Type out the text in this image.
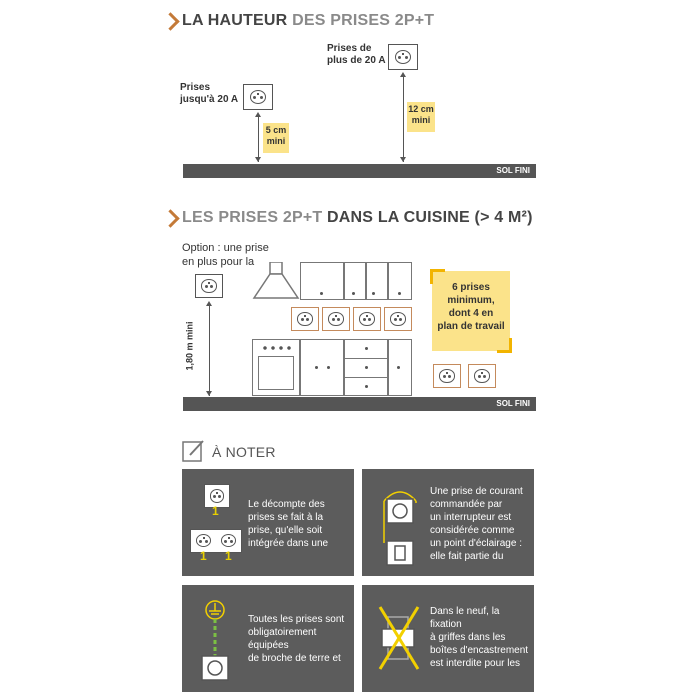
LA HAUTEUR DES PRISES 2P+T
Prises
jusqu'à 20 A
5 cm
mini
Prises de
plus de 20 A
12 cm
mini
SOL FINI
LES PRISES 2P+T DANS LA CUISINE (> 4 M²)
Option : une prise
en plus pour la
1,80 m mini
6 prises
minimum,
dont 4 en
plan de travail
SOL FINI
À NOTER
1
1 1
Le décompte des
prises se fait à la
prise, qu'elle soit
intégrée dans une
Une prise de courant
commandée par
un interrupteur est
considérée comme
un point d'éclairage :
elle fait partie du
Toutes les prises sont
obligatoirement
équipées
de broche de terre et
Dans le neuf, la
fixation
à griffes dans les
boîtes d'encastrement
est interdite pour les
